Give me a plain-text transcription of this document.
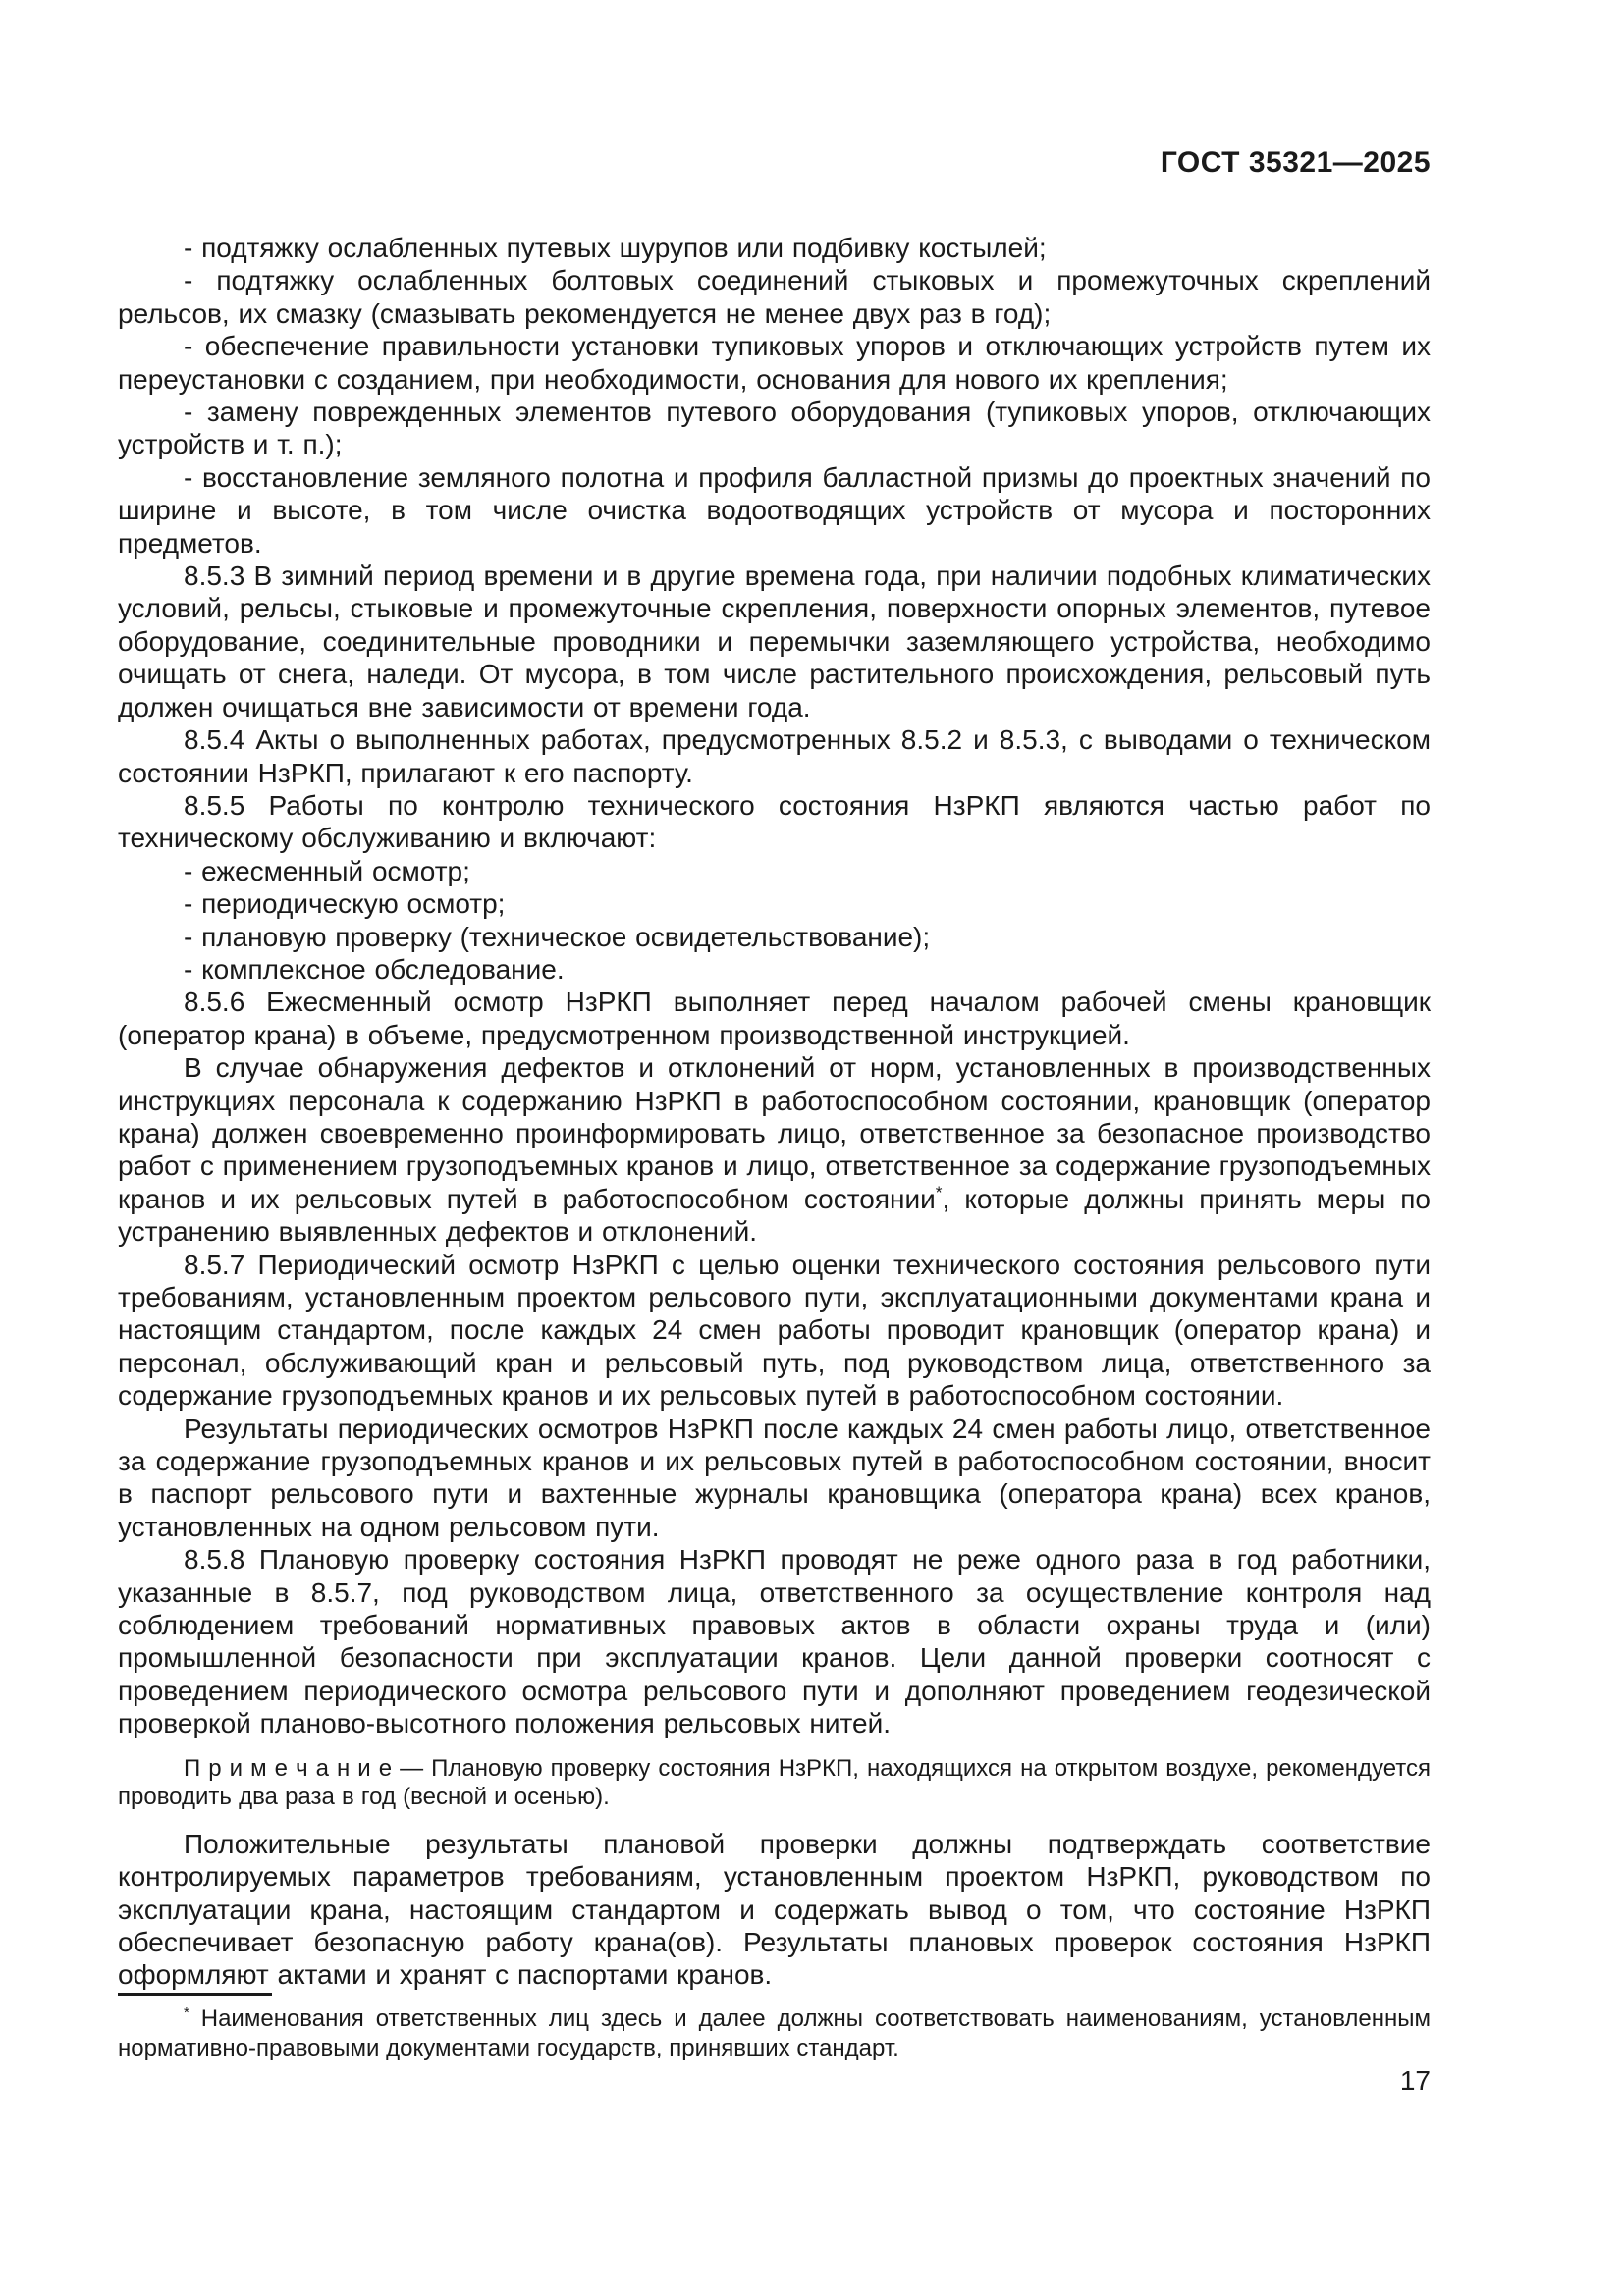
ГОСТ 35321—2025

- подтяжку ослабленных путевых шурупов или подбивку костылей;

- подтяжку ослабленных болтовых соединений стыковых и промежуточных скреплений рельсов, их смазку (смазывать рекомендуется не менее двух раз в год);

- обеспечение правильности установки тупиковых упоров и отключающих устройств путем их переустановки с созданием, при необходимости, основания для нового их крепления;

- замену поврежденных элементов путевого оборудования (тупиковых упоров, отключающих устройств и т. п.);

- восстановление земляного полотна и профиля балластной призмы до проектных значений по ширине и высоте, в том числе очистка водоотводящих устройств от мусора и посторонних предметов.

8.5.3 В зимний период времени и в другие времена года, при наличии подобных климатических условий, рельсы, стыковые и промежуточные скрепления, поверхности опорных элементов, путевое оборудование, соединительные проводники и перемычки заземляющего устройства, необходимо очищать от снега, наледи. От мусора, в том числе растительного происхождения, рельсовый путь должен очищаться вне зависимости от времени года.

8.5.4 Акты о выполненных работах, предусмотренных 8.5.2 и 8.5.3, с выводами о техническом состоянии НзРКП, прилагают к его паспорту.

8.5.5 Работы по контролю технического состояния НзРКП являются частью работ по техническому обслуживанию и включают:

- ежесменный осмотр;

- периодическую осмотр;

- плановую проверку (техническое освидетельствование);

- комплексное обследование.

8.5.6 Ежесменный осмотр НзРКП выполняет перед началом рабочей смены крановщик (оператор крана) в объеме, предусмотренном производственной инструкцией.

В случае обнаружения дефектов и отклонений от норм, установленных в производственных инструкциях персонала к содержанию НзРКП в работоспособном состоянии, крановщик (оператор крана) должен своевременно проинформировать лицо, ответственное за безопасное производство работ с применением грузоподъемных кранов и лицо, ответственное за содержание грузоподъемных кранов и их рельсовых путей в работоспособном состоянии*, которые должны принять меры по устранению выявленных дефектов и отклонений.

8.5.7 Периодический осмотр НзРКП с целью оценки технического состояния рельсового пути требованиям, установленным проектом рельсового пути, эксплуатационными документами крана и настоящим стандартом, после каждых 24 смен работы проводит крановщик (оператор крана) и персонал, обслуживающий кран и рельсовый путь, под руководством лица, ответственного за содержание грузоподъемных кранов и их рельсовых путей в работоспособном состоянии.

Результаты периодических осмотров НзРКП после каждых 24 смен работы лицо, ответственное за содержание грузоподъемных кранов и их рельсовых путей в работоспособном состоянии, вносит в паспорт рельсового пути и вахтенные журналы крановщика (оператора крана) всех кранов, установленных на одном рельсовом пути.

8.5.8 Плановую проверку состояния НзРКП проводят не реже одного раза в год работники, указанные в 8.5.7, под руководством лица, ответственного за осуществление контроля над соблюдением требований нормативных правовых актов в области охраны труда и (или) промышленной безопасности при эксплуатации кранов. Цели данной проверки соотносят с проведением периодического осмотра рельсового пути и дополняют проведением геодезической проверкой планово-высотного положения рельсовых нитей.

П р и м е ч а н и е — Плановую проверку состояния НзРКП, находящихся на открытом воздухе, рекомендуется проводить два раза в год (весной и осенью).

Положительные результаты плановой проверки должны подтверждать соответствие контролируемых параметров требованиям, установленным проектом НзРКП, руководством по эксплуатации крана, настоящим стандартом и содержать вывод о том, что состояние НзРКП обеспечивает безопасную работу крана(ов). Результаты плановых проверок состояния НзРКП оформляют актами и хранят с паспортами кранов.

* Наименования ответственных лиц здесь и далее должны соответствовать наименованиям, установленным нормативно-правовыми документами государств, принявших стандарт.

17
